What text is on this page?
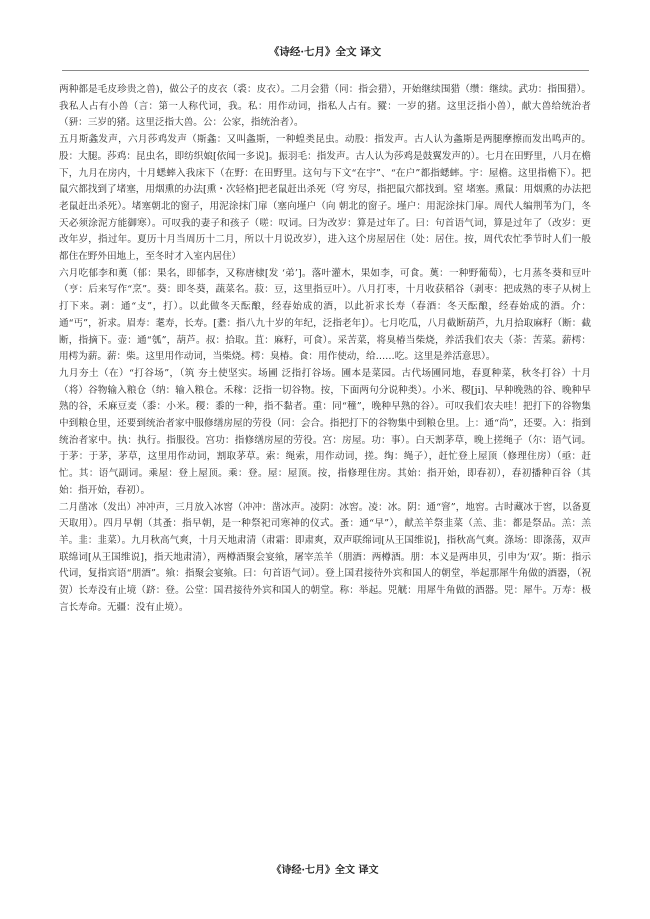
《诗经·七月》全文 译文

两种都是毛皮珍贵之兽)，做公子的皮衣（裘：皮衣）。二月会猎（同：指会猎），开始继续围猎（缵：继续。武功：指围猎）。我私人占有小兽（言：第一人称代词，我。私：用作动词，指私人占有。豵：一岁的猪。这里泛指小兽），献大兽给统治者（豜：三岁的猪。这里泛指大兽。公：公家，指统治者）。

五月斯螽发声，六月莎鸡发声（斯螽：又叫螽斯，一种蝗类昆虫。动股：指发声。古人认为螽斯是两腿摩擦而发出鸣声的。股：大腿。莎鸡：昆虫名，即纺织娘[依闻一多说]。振羽毛：指发声。古人认为莎鸡是鼓翼发声的）。七月在田野里，八月在檐下，九月在房内，十月蟋蟀入我床下（在野：在田野里。这句与下文“在宇”、“在户”都指蟋蟀。宇：屋檐。这里指檐下）。把鼠穴都找到了堵塞，用烟熏的办法[熏・次轻格]把老鼠赶出杀死（穹 穷尽，指把鼠穴都找到。窒 堵塞。熏鼠：用烟熏的办法把老鼠赶出杀死）。堵塞朝北的窗子，用泥涂抹门扉（塞向墐户（向 朝北的窗子。墐户：用泥涂抹门扉。周代人编荆苇为门，冬天必须涂泥方能御寒）。可叹我的妻子和孩子（嗟：叹词。曰为改岁：算是过年了。曰：句首语气词，算是过年了（改岁：更改年岁，指过年。夏历十月当周历十二月，所以十月说改岁），进入这个房屋居住（处：居住。按，周代农忙季节时人们一般都住在野外田地上，至冬时才入室内居住）

六月吃郁李和薁（郁：果名，即郁李，又称唐棣[发 ‘弟’]。落叶灌木，果如李，可食。薁：一种野葡萄），七月蒸冬葵和豆叶（亨：后来写作“烹”。葵：即冬葵，蔬菜名。菽：豆，这里指豆叶）。八月打枣，十月收获稻谷（剥枣：把成熟的枣子从树上打下来。剥：通“攴”，打）。以此做冬天酝酿，经春始成的酒，以此祈求长寿（春酒：冬天酝酿，经春始成的酒。介：通“丐”，祈求。眉寿：耄寿，长寿。[耋：指八九十岁的年纪，泛指老年]）。七月吃瓜，八月截断葫芦，九月拾取麻籽（断：截断，指摘下。壶：通“瓠”，葫芦。叔：拾取。苴：麻籽，可食）。采苦菜，将臭椿当柴烧，养活我们农夫（荼：苦菜。薪樗：用樗为薪。薪：柴。这里用作动词，当柴烧。樗：臭椿。食：用作使动，给……吃。这里是养活意思）。

九月夯土（在）“打谷场”，（筑 夯土使坚实。场圃 泛指打谷场。圃本是菜园。古代场圃同地，春夏种菜，秋冬打谷）十月（将）谷物输入粮仓（纳：输入粮仓。禾稼：泛指一切谷物。按，下面两句分说种类）。小米、稷[ji]、早种晚熟的谷、晚种早熟的谷，禾麻豆麦（黍：小米。稷：黍的一种，指不黏者。重：同“穜”，晚种早熟的谷）。可叹我们农夫哇！把打下的谷物集中到粮仓里，还要到统治者家中服修缮房屋的劳役（同：会合。指把打下的谷物集中到粮仓里。上：通“尚”，还要。入：指到统治者家中。执：执行。指服役。宫功：指修缮房屋的劳役。宫：房屋。功：事）。白天割茅草，晚上搓绳子（尔：语气词。于茅：于茅，茅草，这里用作动词，割取茅草。索：绳索，用作动词，搓。绹：绳子），赶忙登上屋顶（修理住房）（亟：赶忙。其：语气副词。乘屋：登上屋顶。乘：登。屋：屋顶。按，指修理住房。其始：指开始，即春初），春初播种百谷（其始：指开始，春初）。

二月凿冰（发出）冲冲声，三月放入冰窖（冲冲：凿冰声。凌阴：冰窖。凌：冰。阴：通“窨”，地窖。古时藏冰于窖，以备夏天取用）。四月早朝（其蚤：指早朝，是一种祭祀司寒神的仪式。蚤：通“早”），献羔羊祭韭菜（羔、韭：都是祭品。羔：羔羊。韭：韭菜）。九月秋高气爽，十月天地肃清（肃霜：即肃爽，双声联绵词[从王国维说]，指秋高气爽。涤场：即涤荡，双声联绵词[从王国维说]，指天地肃清），两樽酒聚会宴飨，屠宰羔羊（朋酒：两樽酒。朋：本义是两串贝，引申为‘双’。斯：指示代词，复指宾语“朋酒”。飨：指聚会宴飨。曰：句首语气词）。登上国君接待外宾和国人的朝堂，举起那犀牛角做的酒器，（祝贺）长寿没有止境（跻：登。公堂：国君接待外宾和国人的朝堂。称：举起。兕觥：用犀牛角做的酒器。兕：犀牛。万寿：极言长寿命。无疆：没有止境）。

《诗经·七月》全文 译文
